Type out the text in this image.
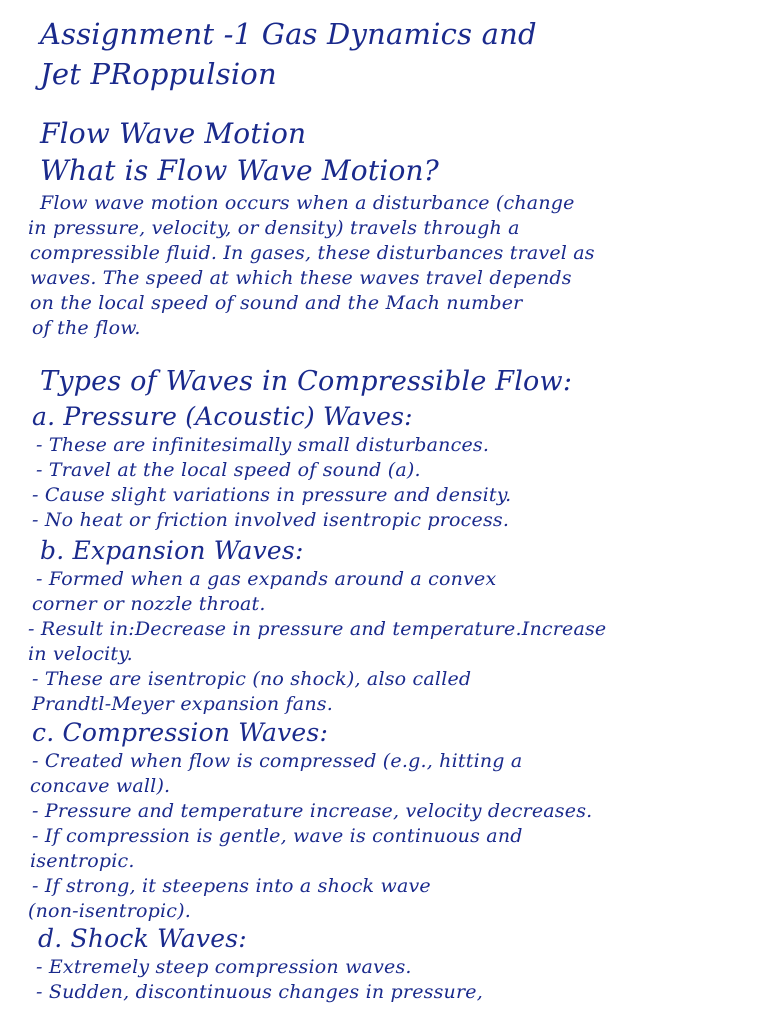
Assignment -1 Gas Dynamics and
Jet PRoppulsion
Flow Wave Motion
What is Flow Wave Motion?
Flow wave motion occurs when a disturbance (change
in pressure, velocity, or density) travels through a
compressible fluid. In gases, these disturbances travel as
waves. The speed at which these waves travel depends
on the local speed of sound and the Mach number
of the flow.
Types of Waves in Compressible Flow:
a. Pressure (Acoustic) Waves:
- These are infinitesimally small disturbances.
- Travel at the local speed of sound (a).
- Cause slight variations in pressure and density.
- No heat or friction involved isentropic process.
b. Expansion Waves:
- Formed when a gas expands around a convex
corner or nozzle throat.
- Result in:Decrease in pressure and temperature.Increase
in velocity.
- These are isentropic (no shock), also called
Prandtl-Meyer expansion fans.
c. Compression Waves:
- Created when flow is compressed (e.g., hitting a
concave wall).
- Pressure and temperature increase, velocity decreases.
- If compression is gentle, wave is continuous and
isentropic.
- If strong, it steepens into a shock wave
(non-isentropic).
d. Shock Waves:
- Extremely steep compression waves.
- Sudden, discontinuous changes in pressure,
